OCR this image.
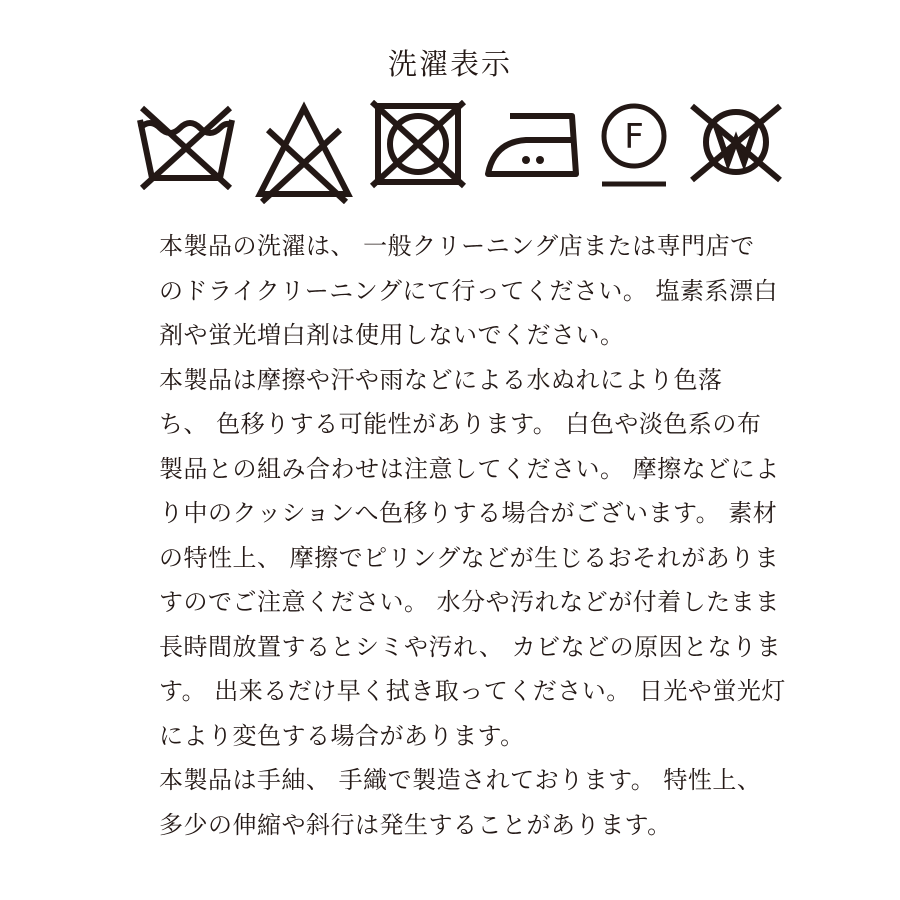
洗濯表示
F
本製品の洗濯は、 一般クリーニング店または専門店で
のドライクリーニングにて行ってください。 塩素系漂白
剤や蛍光増白剤は使用しないでください。
本製品は摩擦や汗や雨などによる水ぬれにより色落
ち、 色移りする可能性があります。 白色や淡色系の布
製品との組み合わせは注意してください。 摩擦などによ
り中のクッションへ色移りする場合がございます。 素材
の特性上、 摩擦でピリングなどが生じるおそれがありま
すのでご注意ください。 水分や汚れなどが付着したまま
長時間放置するとシミや汚れ、 カビなどの原因となりま
す。 出来るだけ早く拭き取ってください。 日光や蛍光灯
により変色する場合があります。
本製品は手紬、 手織で製造されております。 特性上、
多少の伸縮や斜行は発生することがあります。
